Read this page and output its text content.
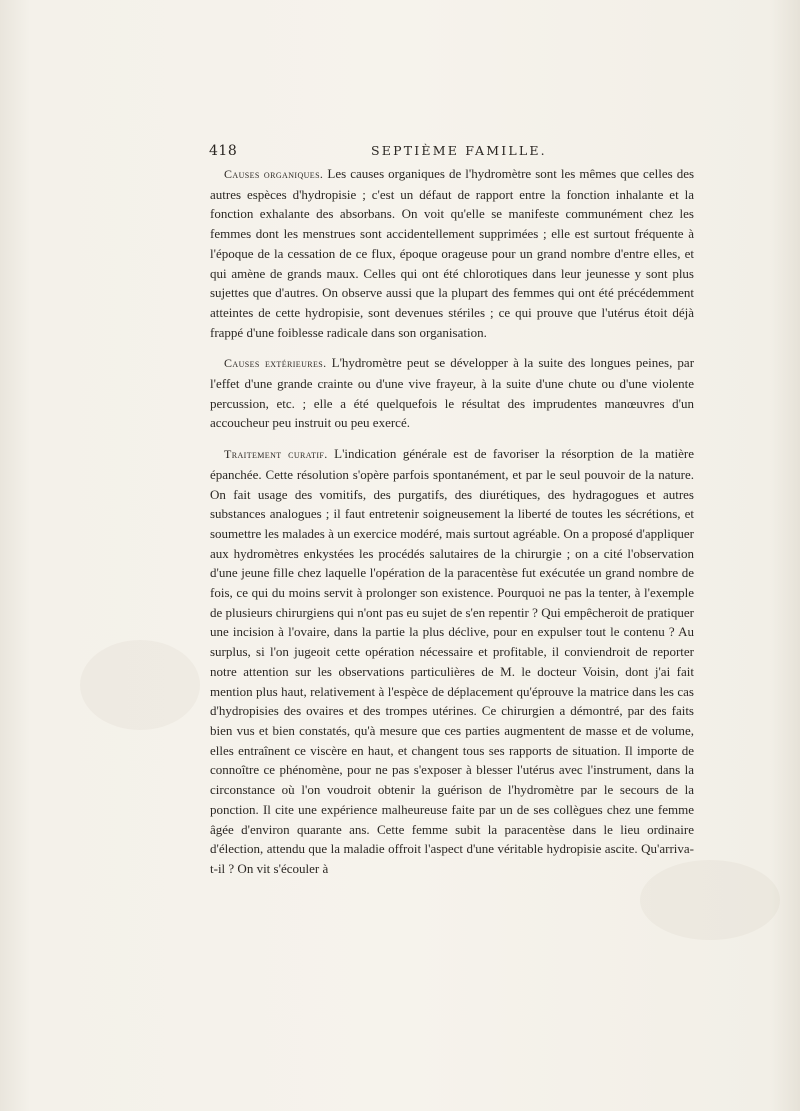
418	SEPTIÈME FAMILLE.

Causes organiques. Les causes organiques de l'hydromètre sont les mêmes que celles des autres espèces d'hydropisie ; c'est un défaut de rapport entre la fonction inhalante et la fonction exhalante des absorbans. On voit qu'elle se manifeste communément chez les femmes dont les menstrues sont accidentellement supprimées ; elle est surtout fréquente à l'époque de la cessation de ce flux, époque orageuse pour un grand nombre d'entre elles, et qui amène de grands maux. Celles qui ont été chlorotiques dans leur jeunesse y sont plus sujettes que d'autres. On observe aussi que la plupart des femmes qui ont été précédemment atteintes de cette hydropisie, sont devenues stériles ; ce qui prouve que l'utérus étoit déjà frappé d'une foiblesse radicale dans son organisation.

Causes extérieures. L'hydromètre peut se développer à la suite des longues peines, par l'effet d'une grande crainte ou d'une vive frayeur, à la suite d'une chute ou d'une violente percussion, etc. ; elle a été quelquefois le résultat des imprudentes manœuvres d'un accoucheur peu instruit ou peu exercé.

Traitement curatif. L'indication générale est de favoriser la résorption de la matière épanchée. Cette résolution s'opère parfois spontanément, et par le seul pouvoir de la nature. On fait usage des vomitifs, des purgatifs, des diurétiques, des hydragogues et autres substances analogues ; il faut entretenir soigneusement la liberté de toutes les sécrétions, et soumettre les malades à un exercice modéré, mais surtout agréable. On a proposé d'appliquer aux hydromètres enkystées les procédés salutaires de la chirurgie ; on a cité l'observation d'une jeune fille chez laquelle l'opération de la paracentèse fut exécutée un grand nombre de fois, ce qui du moins servit à prolonger son existence. Pourquoi ne pas la tenter, à l'exemple de plusieurs chirurgiens qui n'ont pas eu sujet de s'en repentir ? Qui empêcheroit de pratiquer une incision à l'ovaire, dans la partie la plus déclive, pour en expulser tout le contenu ? Au surplus, si l'on jugeoit cette opération nécessaire et profitable, il conviendroit de reporter notre attention sur les observations particulières de M. le docteur Voisin, dont j'ai fait mention plus haut, relativement à l'espèce de déplacement qu'éprouve la matrice dans les cas d'hydropisies des ovaires et des trompes utérines. Ce chirurgien a démontré, par des faits bien vus et bien constatés, qu'à mesure que ces parties augmentent de masse et de volume, elles entraînent ce viscère en haut, et changent tous ses rapports de situation. Il importe de connoître ce phénomène, pour ne pas s'exposer à blesser l'utérus avec l'instrument, dans la circonstance où l'on voudroit obtenir la guérison de l'hydromètre par le secours de la ponction. Il cite une expérience malheureuse faite par un de ses collègues chez une femme âgée d'environ quarante ans. Cette femme subit la paracentèse dans le lieu ordinaire d'élection, attendu que la maladie offroit l'aspect d'une véritable hydropisie ascite. Qu'arriva-t-il ? On vit s'écouler à
